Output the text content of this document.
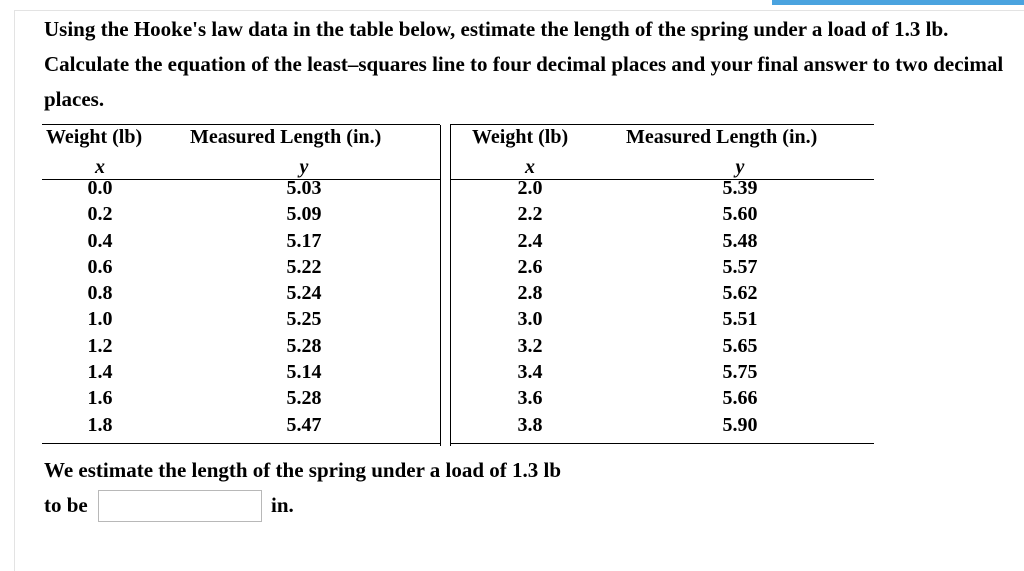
Using the Hooke's law data in the table below, estimate the length of the spring under a load of 1.3 lb. Calculate the equation of the least–squares line to four decimal places and your final answer to two decimal places.
Weight (lb) Measured Length (in.)
x	y
0.0	5.03
0.2	5.09
0.4	5.17
0.6	5.22
0.8	5.24
1.0	5.25
1.2	5.28
1.4	5.14
1.6	5.28
1.8	5.47
Weight (lb)	Measured Length (in.)
x	y
2.0	5.39
2.2	5.60
2.4	5.48
2.6	5.57
2.8	5.62
3.0	5.51
3.2	5.65
3.4	5.75
3.6	5.66
3.8	5.90
We estimate the length of the spring under a load of 1.3 lb
to be	in.
